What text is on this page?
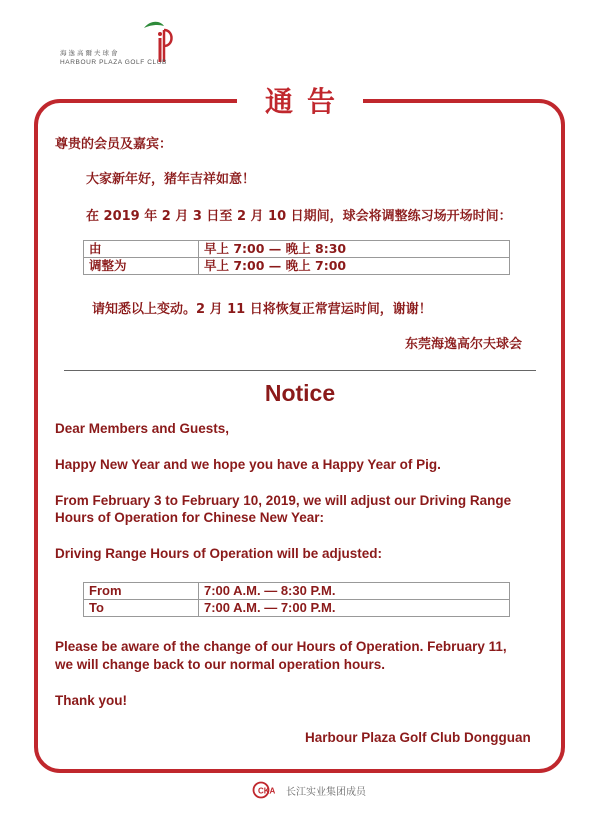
海逸高爾夫球會
HARBOUR PLAZA GOLF CLUB
通告
尊贵的会员及嘉宾：
大家新年好，猪年吉祥如意！
在 2019 年 2 月 3 日至 2 月 10 日期间，球会将调整练习场开场时间：
由	早上 7:00 — 晚上 8:30
调整为	早上 7:00 — 晚上 7:00
请知悉以上变动。2 月 11 日将恢复正常营运时间，谢谢！
东莞海逸高尔夫球会
Notice
Dear Members and Guests,
Happy New Year and we hope you have a Happy Year of Pig.
From February 3 to February 10, 2019, we will adjust our Driving Range
Hours of Operation for Chinese New Year:
Driving Range Hours of Operation will be adjusted:
From	7:00 A.M. — 8:30 P.M.
To	7:00 A.M. — 7:00 P.M.
Please be aware of the change of our Hours of Operation. February 11,
we will change back to our normal operation hours.
Thank you!
Harbour Plaza Golf Club Dongguan
CKA 长江实业集团成员
